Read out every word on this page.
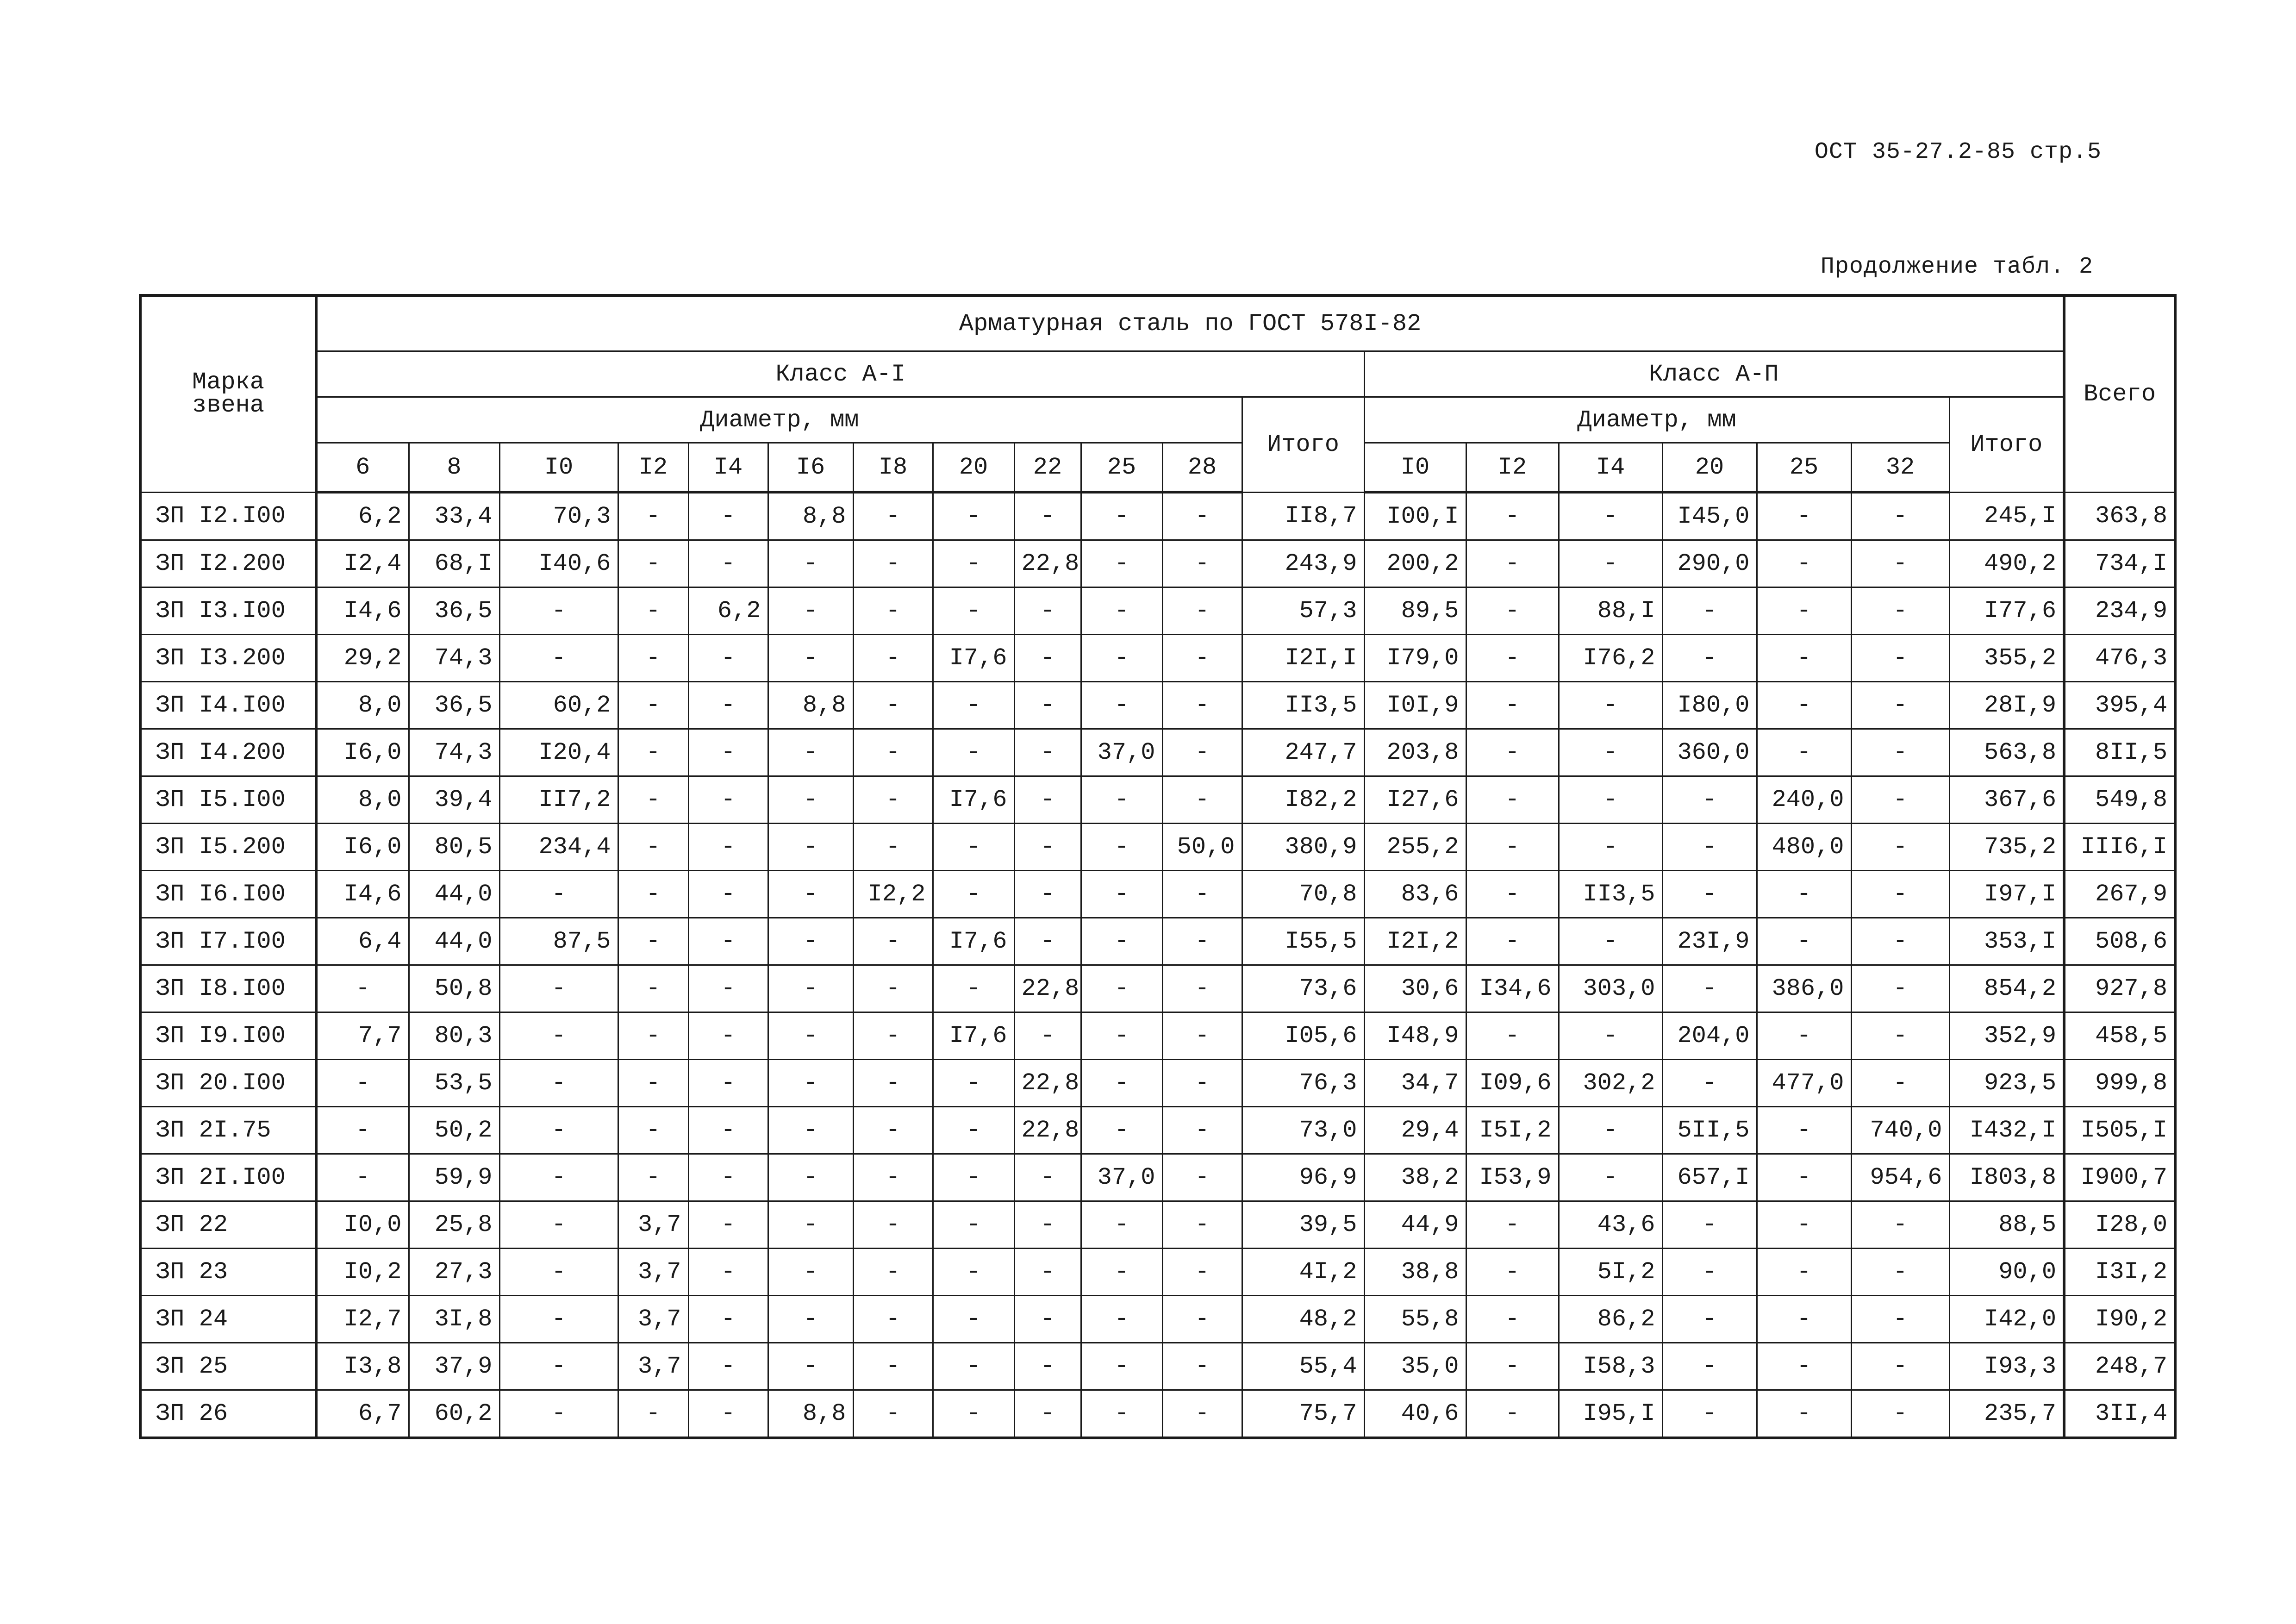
ОСТ 35-27.2-85 стр.5
Продолжение табл. 2
Марка
звена	Арматурная сталь по ГОСТ 578I-82																			Всего
	Класс А-I												Класс А-П							
	Диаметр, мм											Итого	Диаметр, мм						Итого	
	6	8	I0	I2	I4	I6	I8	20	22	25	28		I0	I2	I4	20	25	32		
ЗП I2.I00	6,2	33,4	70,3	-	-	8,8	-	-	-	-	-	II8,7	I00,I	-	-	I45,0	-	-	245,I	363,8
ЗП I2.200	I2,4	68,I	I40,6	-	-	-	-	-	22,8	-	-	243,9	200,2	-	-	290,0	-	-	490,2	734,I
ЗП I3.I00	I4,6	36,5	-	-	6,2	-	-	-	-	-	-	57,3	89,5	-	88,I	-	-	-	I77,6	234,9
ЗП I3.200	29,2	74,3	-	-	-	-	-	I7,6	-	-	-	I2I,I	I79,0	-	I76,2	-	-	-	355,2	476,3
ЗП I4.I00	8,0	36,5	60,2	-	-	8,8	-	-	-	-	-	II3,5	I0I,9	-	-	I80,0	-	-	28I,9	395,4
ЗП I4.200	I6,0	74,3	I20,4	-	-	-	-	-	-	37,0	-	247,7	203,8	-	-	360,0	-	-	563,8	8II,5
ЗП I5.I00	8,0	39,4	II7,2	-	-	-	-	I7,6	-	-	-	I82,2	I27,6	-	-	-	240,0	-	367,6	549,8
ЗП I5.200	I6,0	80,5	234,4	-	-	-	-	-	-	-	50,0	380,9	255,2	-	-	-	480,0	-	735,2	III6,I
ЗП I6.I00	I4,6	44,0	-	-	-	-	I2,2	-	-	-	-	70,8	83,6	-	II3,5	-	-	-	I97,I	267,9
ЗП I7.I00	6,4	44,0	87,5	-	-	-	-	I7,6	-	-	-	I55,5	I2I,2	-	-	23I,9	-	-	353,I	508,6
ЗП I8.I00	-	50,8	-	-	-	-	-	-	22,8	-	-	73,6	30,6	I34,6	303,0	-	386,0	-	854,2	927,8
ЗП I9.I00	7,7	80,3	-	-	-	-	-	I7,6	-	-	-	I05,6	I48,9	-	-	204,0	-	-	352,9	458,5
ЗП 20.I00	-	53,5	-	-	-	-	-	-	22,8	-	-	76,3	34,7	I09,6	302,2	-	477,0	-	923,5	999,8
ЗП 2I.75	-	50,2	-	-	-	-	-	-	22,8	-	-	73,0	29,4	I5I,2	-	5II,5	-	740,0	I432,I	I505,I
ЗП 2I.I00	-	59,9	-	-	-	-	-	-	-	37,0	-	96,9	38,2	I53,9	-	657,I	-	954,6	I803,8	I900,7
ЗП 22	I0,0	25,8	-	3,7	-	-	-	-	-	-	-	39,5	44,9	-	43,6	-	-	-	88,5	I28,0
ЗП 23	I0,2	27,3	-	3,7	-	-	-	-	-	-	-	4I,2	38,8	-	5I,2	-	-	-	90,0	I3I,2
ЗП 24	I2,7	3I,8	-	3,7	-	-	-	-	-	-	-	48,2	55,8	-	86,2	-	-	-	I42,0	I90,2
ЗП 25	I3,8	37,9	-	3,7	-	-	-	-	-	-	-	55,4	35,0	-	I58,3	-	-	-	I93,3	248,7
ЗП 26	6,7	60,2	-	-	-	8,8	-	-	-	-	-	75,7	40,6	-	I95,I	-	-	-	235,7	3II,4
